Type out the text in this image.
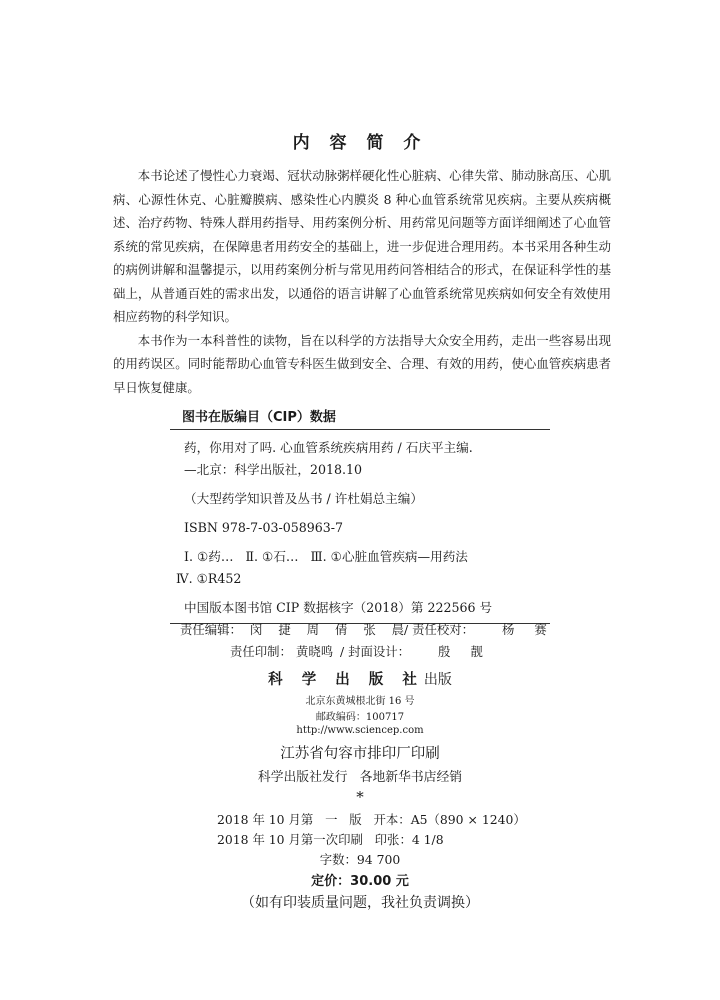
内 容 简 介

本书论述了慢性心力衰竭、冠状动脉粥样硬化性心脏病、心律失常、肺动脉高压、心肌病、心源性休克、心脏瓣膜病、感染性心内膜炎 8 种心血管系统常见疾病。主要从疾病概述、治疗药物、特殊人群用药指导、用药案例分析、用药常见问题等方面详细阐述了心血管系统的常见疾病，在保障患者用药安全的基础上，进一步促进合理用药。本书采用各种生动的病例讲解和温馨提示，以用药案例分析与常见用药问答相结合的形式，在保证科学性的基础上，从普通百姓的需求出发，以通俗的语言讲解了心血管系统常见疾病如何安全有效使用相应药物的科学知识。

本书作为一本科普性的读物，旨在以科学的方法指导大众安全用药，走出一些容易出现的用药误区。同时能帮助心血管专科医生做到安全、合理、有效的用药，使心血管疾病患者早日恢复健康。

图书在版编目（CIP）数据
药，你用对了吗. 心血管系统疾病用药 / 石庆平主编.
—北京：科学出版社，2018.10
（大型药学知识普及丛书 / 许杜娟总主编）
ISBN 978-7-03-058963-7
Ⅰ. ①药…   Ⅱ. ①石…   Ⅲ. ①心脏血管疾病—用药法
Ⅳ. ①R452
中国版本图书馆 CIP 数据核字（2018）第 222566 号
责任编辑： 闵 捷 周 倩 张 晨
/ 责任校对： 杨 赛
责任印制： 黄晓鸣 / 封面设计： 殷 靓
科 学 出 版 社出版
北京东黄城根北街 16 号
邮政编码：100717
http://www.sciencep.com
江苏省句容市排印厂印刷
科学出版社发行   各地新华书店经销
*
2018 年 10 月第   一   版   开本：A5（890 × 1240）
2018 年 10 月第一次印刷   印张：4 1/8
字数：94 700
定价：30.00 元
（如有印装质量问题，我社负责调换）
